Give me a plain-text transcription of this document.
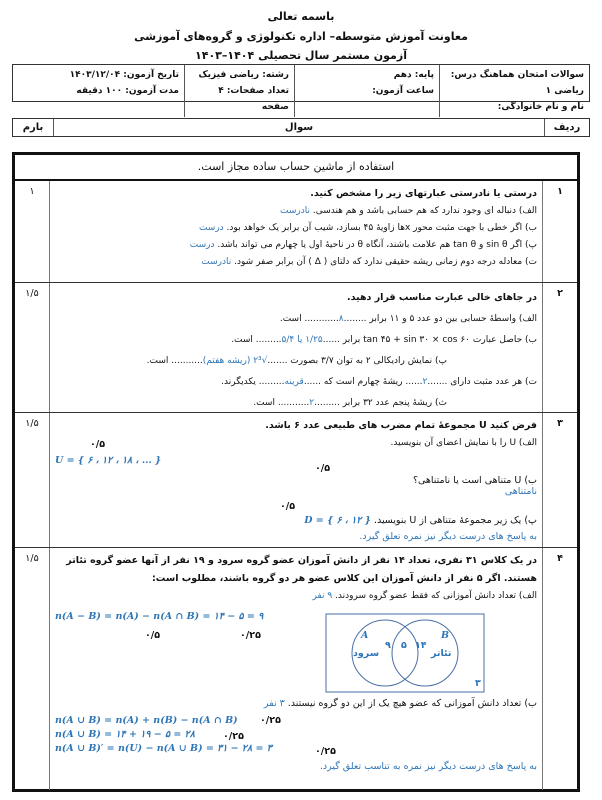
باسمه تعالی
معاونت آموزش متوسطه– اداره تکنولوژی و گروه‌های آموزشی
آزمون مستمر سال تحصیلی ۱۴۰۴–۱۴۰۳
سوالات امتحان هماهنگ درس: ریاضی ۱
نام و نام خانوادگی:
پایه: دهم
ساعت آزمون:
رشته: ریاضی فیزیک
تعداد صفحات: ۴ صفحه
تاریخ آزمون: ۱۴۰۳/۱۲/۰۴
مدت آزمون: ۱۰۰ دقیقه
ردیف
سوال
بارم
استفاده از ماشین حساب ساده مجاز است.
۱
۱	درستی یا نادرستی عبارتهای زیر را مشخص کنید.
الف) دنباله ای وجود ندارد که هم حسابی باشد و هم هندسی. نادرست
ب) اگر خطی با جهت مثبت محور xها زاویهٔ ۴۵ بسازد، شیب آن برابر یک خواهد بود. درست
پ) اگر sin θ و tan θ هم علامت باشند، آنگاه θ در ناحیهٔ اول یا چهارم می تواند باشد. درست
ت) معادله درجه دوم زمانی ریشه حقیقی ندارد که دلتای ( Δ ) آن برابر صفر شود. نادرست
۲
۱/۵	در جاهای خالی عبارت مناسب قرار دهید.
الف) واسطهٔ حسابی بین دو عدد ۵ و ۱۱ برابر ........۸............ است.
ب) حاصل عبارت tan ۴۵ + sin ۳۰ × cos ۶۰ برابر ......۱/۲۵ یا ۵/۴......... است.
پ) نمایش رادیکالی ۲ به توان ۳/۷ بصورت .......√۲³ (ریشه هفتم)........... است.
ت) هر عدد مثبت دارای .......۲...... ریشهٔ چهارم است که ......قرینه......... یکدیگرند.
ث) ریشهٔ پنجم عدد ۳۲ برابر .........۲........... است.
۳
۱/۵	فرض کنید U مجموعهٔ تمام مضرب های طبیعی عدد ۶ باشد.
الف) U را با نمایش اعضای آن بنویسید.
۰/۵
U = { ۶ ، ۱۲ ، ۱۸ ، ... }
۰/۵
ب) U متناهی است یا نامتناهی؟
نامتناهی
۰/۵
پ) یک زیر مجموعهٔ متناهی از U بنویسید. D = { ۶ ، ۱۲ }
به پاسخ های درست دیگر نیز نمره تعلق گیرد.
۴
۱/۵	در یک کلاس ۳۱ نفری، تعداد ۱۴ نفر از دانش آموزان عضو گروه سرود و ۱۹ نفر از آنها عضو گروه تئاتر هستند. اگر ۵ نفر از دانش آموزان این کلاس عضو هر دو گروه باشند، مطلوب است:
الف) تعداد دانش آموزانی که فقط عضو گروه سرودند. ۹ نفر
n(A − B) = n(A) − n(A ∩ B) = ۱۴ − ۵ = ۹
۰/۵	۰/۲۵	A	B
سرود	تئاتر
۹ ۵ ۱۴
۳
ب) تعداد دانش آموزانی که عضو هیچ یک از این دو گروه نیستند. ۳ نفر
n(A ∪ B) = n(A) + n(B) − n(A ∩ B) ۰/۲۵
n(A ∪ B) = ۱۴ + ۱۹ − ۵ = ۲۸	۰/۲۵
n(A ∪ B)′ = n(U) − n(A ∪ B) = ۳۱ − ۲۸ = ۳	۰/۲۵
به پاسخ های درست دیگر نیز نمره به تناسب تعلق گیرد.
